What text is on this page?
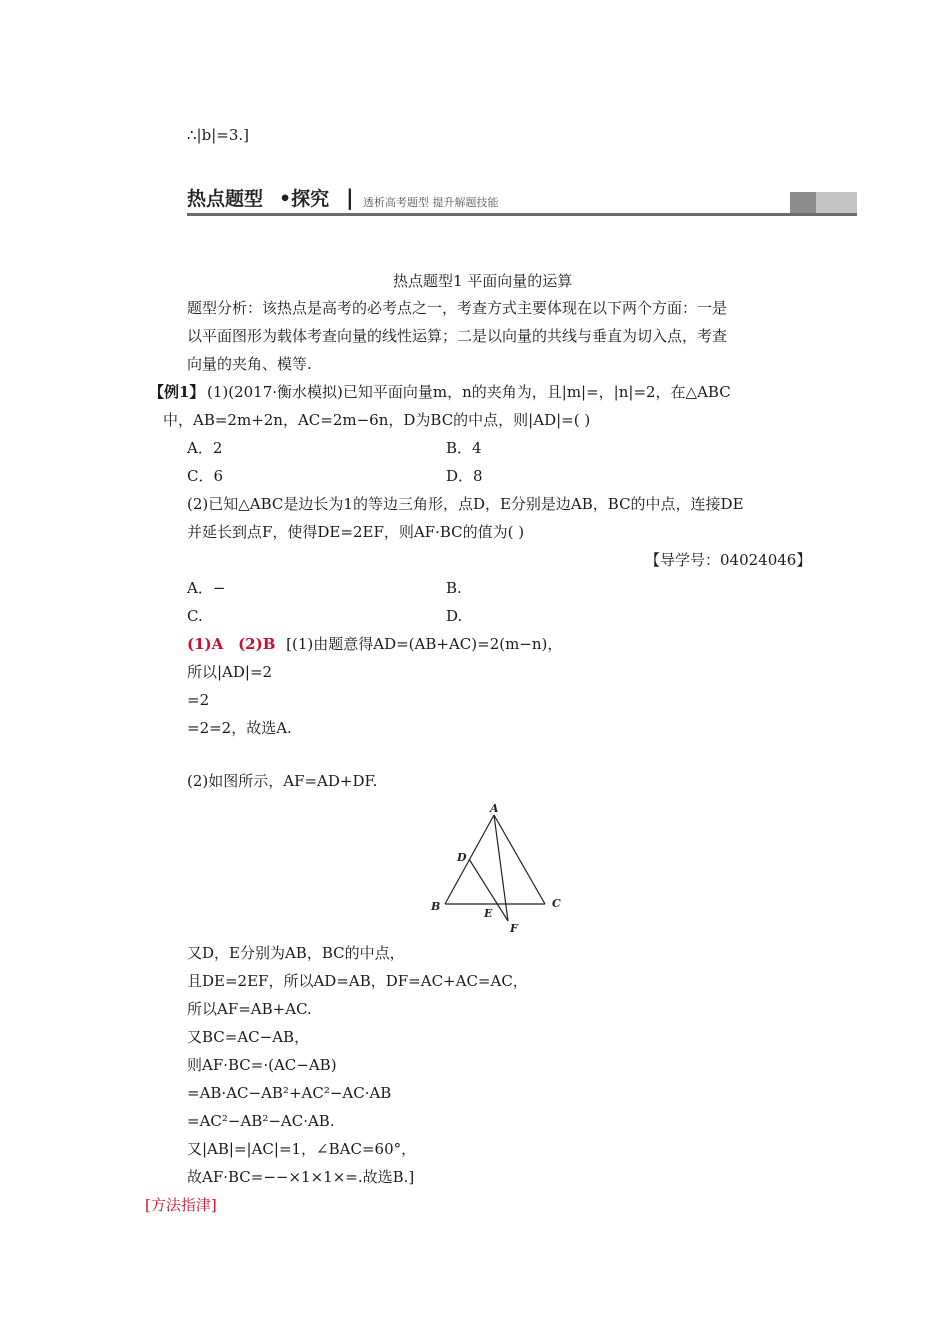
∴|b|=3.]
热点题型 •探究 | 透析高考题型 提升解题技能
热点题型1 平面向量的运算
题型分析：该热点是高考的必考点之一，考查方式主要体现在以下两个方面：一是
以平面图形为载体考查向量的线性运算；二是以向量的共线与垂直为切入点，考查
向量的夹角、模等.
【例1】 (1)(2017·衡水模拟)已知平面向量m，n的夹角为，且|m|=，|n|=2，在△ABC
中，AB=2m+2n，AC=2m−6n，D为BC的中点，则|AD|=( )
A．2	B．4
C．6	D．8
(2)已知△ABC是边长为1的等边三角形，点D，E分别是边AB，BC的中点，连接DE
并延长到点F，使得DE=2EF，则AF·BC的值为( )
【导学号：04024046】
A．−	B.
C.	D.
(1)A (2)B [(1)由题意得AD=(AB+AC)=2(m−n)，
所以|AD|=2
=2
=2=2，故选A.
(2)如图所示，AF=AD+DF.
A
B	C
D
E
F
又D，E分别为AB，BC的中点，
且DE=2EF，所以AD=AB，DF=AC+AC=AC，
所以AF=AB+AC.
又BC=AC−AB，
则AF·BC=·(AC−AB)
=AB·AC−AB²+AC²−AC·AB
=AC²−AB²−AC·AB.
又|AB|=|AC|=1，∠BAC=60°，
故AF·BC=−−×1×1×=.故选B.]
[方法指津]
